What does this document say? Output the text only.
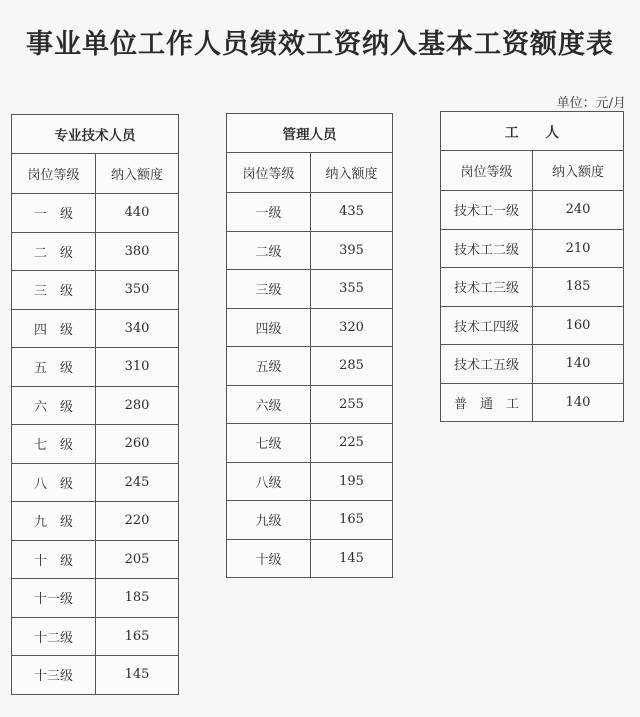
事业单位工作人员绩效工资纳入基本工资额度表
单位：元/月
专业技术人员	
岗位等级	纳入额度
一　级	440
二　级	380
三　级	350
四　级	340
五　级	310
六　级	280
七　级	260
八　级	245
九　级	220
十　级	205
十一级	185
十二级	165
十三级	145
管理人员	
岗位等级	纳入额度
一级	435
二级	395
三级	355
四级	320
五级	285
六级	255
七级	225
八级	195
九级	165
十级	145
工　　人	
岗位等级	纳入额度
技术工一级	240
技术工二级	210
技术工三级	185
技术工四级	160
技术工五级	140
普　通　工	140
